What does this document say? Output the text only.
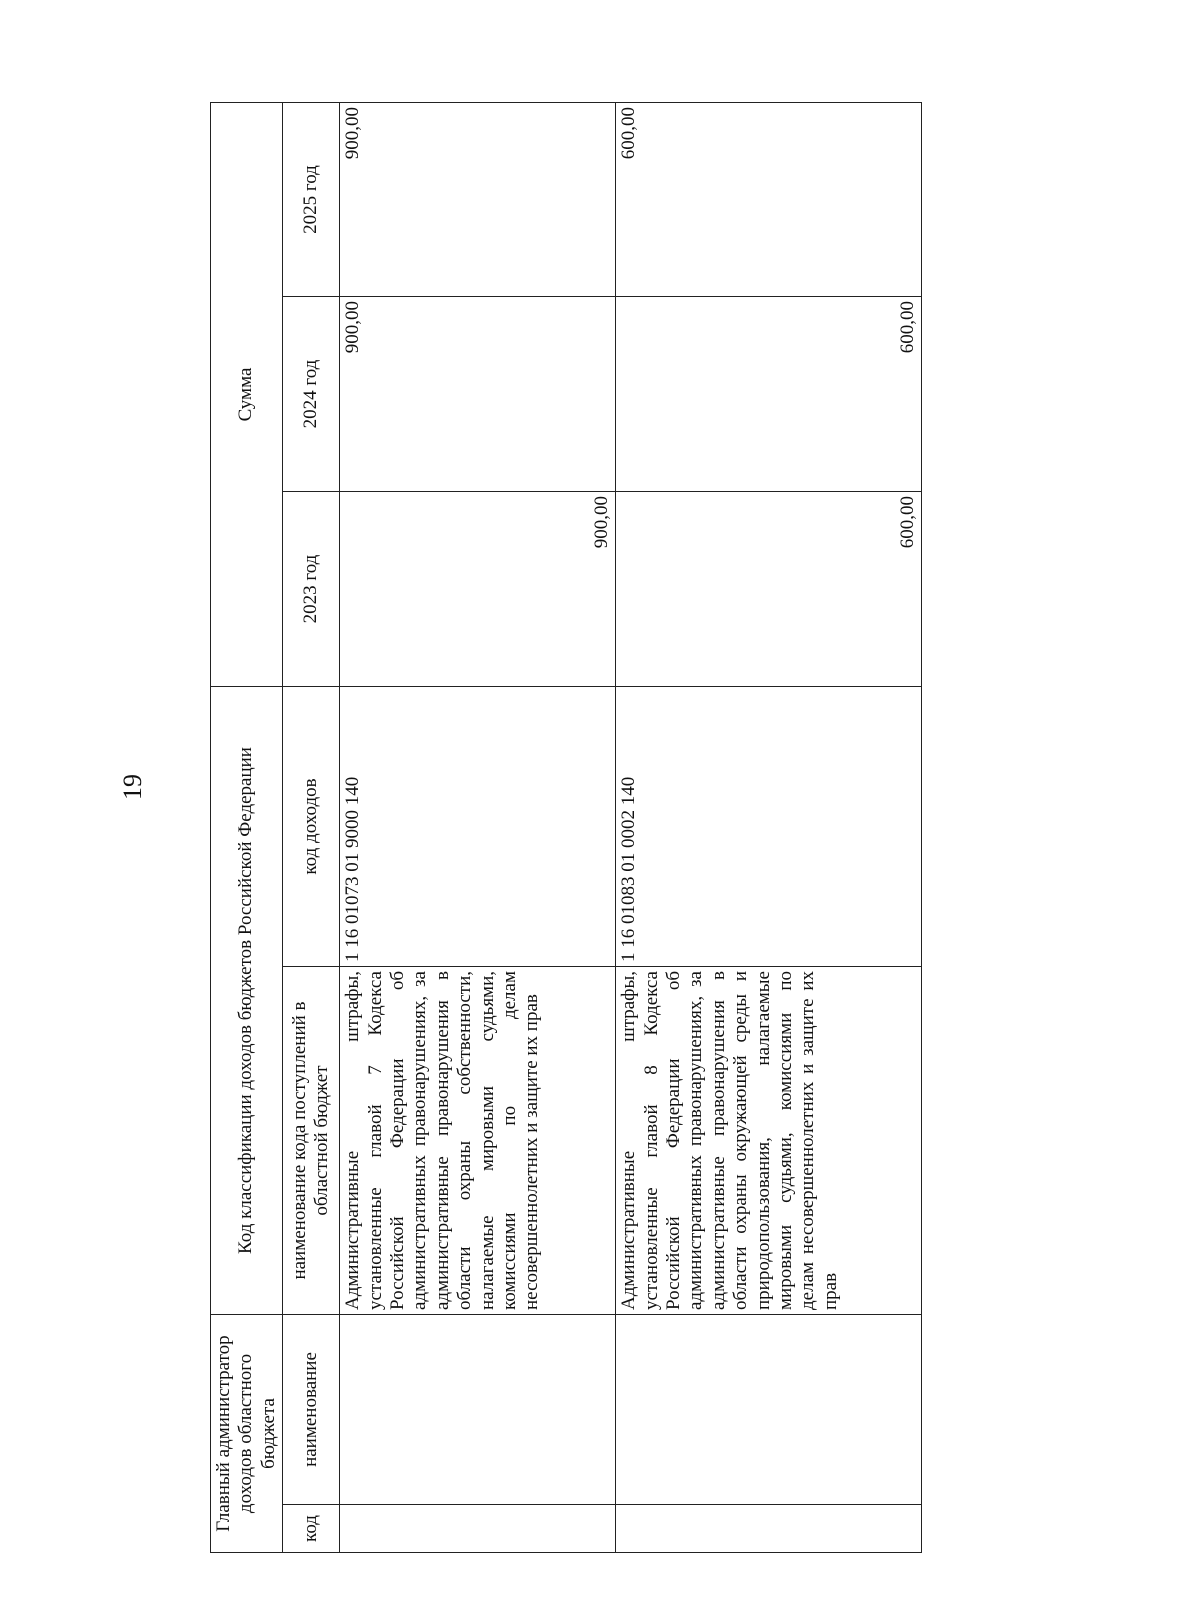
19
Главный администратор доходов областного бюджета		Код классификации доходов бюджетов Российской Федерации		Сумма		
код	наименование	наименование кода поступлений в областной бюджет	код доходов	2023 год	2024 год	2025 год
		Административные штрафы, установленные главой 7 Кодекса Российской Федерации об административных правонарушениях, за административные правонарушения в области охраны собственности, налагаемые мировыми судьями, комиссиями по делам несовершеннолетних и защите их прав	1 16 01073 01 9000 140	900,00	900,00	900,00
		Административные штрафы, установленные главой 8 Кодекса Российской Федерации об административных правонарушениях, за административные правонарушения в области охраны окружающей среды и природопользования, налагаемые мировыми судьями, комиссиями по делам несовершеннолетних и защите их прав	1 16 01083 01 0002 140	600,00	600,00	600,00
